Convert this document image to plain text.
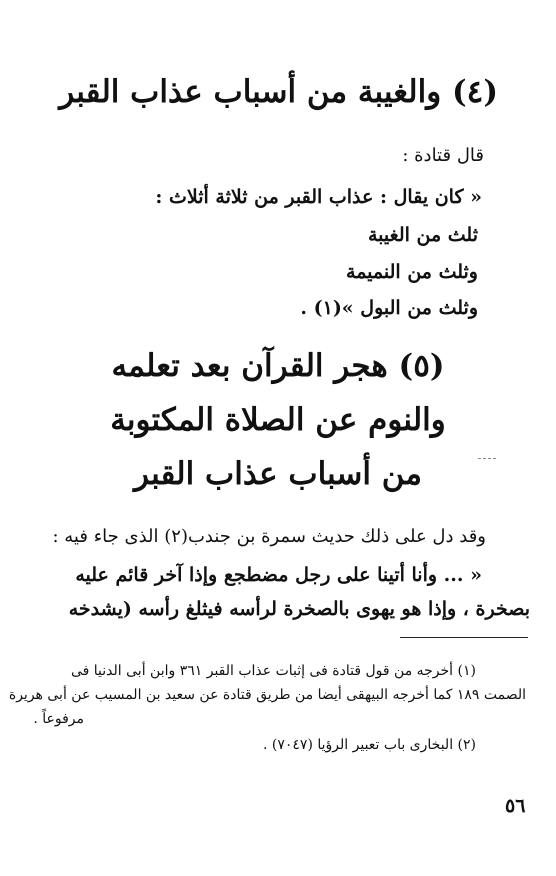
(٤) والغيبة من أسباب عذاب القبر
قال قتادة :
« كان يقال : عذاب القبر من ثلاثة أثلاث :
ثلث من الغيبة
وثلث من النميمة
وثلث من البول »(١) .
(٥) هجر القرآن بعد تعلمه
والنوم عن الصلاة المكتوبة
من أسباب عذاب القبر
وقد دل على ذلك حديث سمرة بن جندب(٢) الذى جاء فيه :
« ... وأنا أتينا على رجل مضطجع وإذا آخر قائم عليه
بصخرة ، وإذا هو يهوى بالصخرة لرأسه فيثلغ رأسه (يشدخه
(١) أخرجه من قول قتادة فى إثبات عذاب القبر ٣٦١ وابن أبى الدنيا فى
الصمت ١٨٩ كما أخرجه البيهقى أيضا من طريق قتادة عن سعيد بن المسيب عن أبى هريرة
مرفوعاً .
(٢) البخارى باب تعبير الرؤيا (٧٠٤٧) .
٥٦
